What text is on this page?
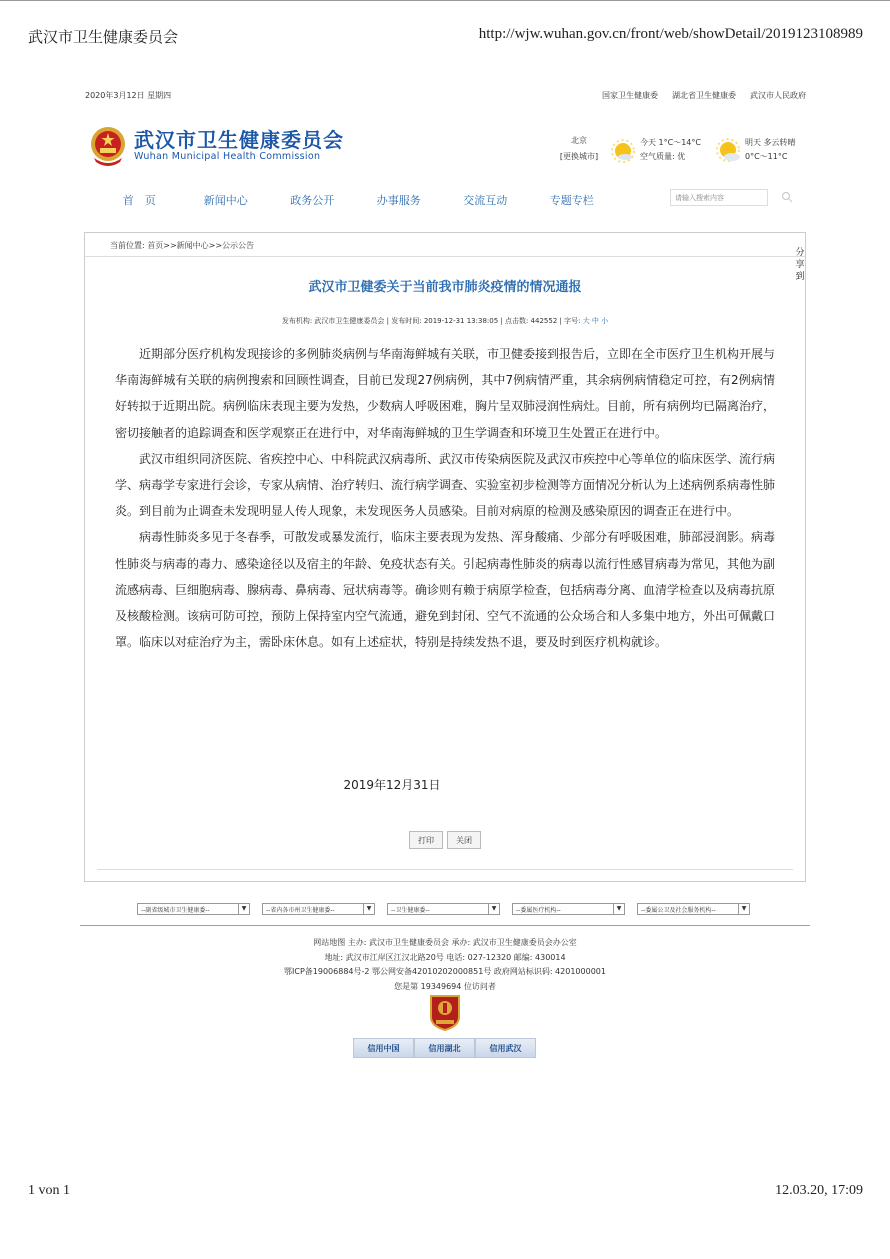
武汉市卫生健康委员会	http://wjw.wuhan.gov.cn/front/web/showDetail/2019123108989
2020年3月12日 星期四	国家卫生健康委 湖北省卫生健康委 武汉市人民政府
武汉市卫生健康委员会
Wuhan Municipal Health Commission
北京
[更换城市]
今天 1°C～14°C
空气质量: 优
明天 多云转晴
0°C～11°C
首　页	新闻中心	政务公开	办事服务	交流互动	专题专栏	请输入搜索内容
当前位置: 首页>>新闻中心>>公示公告
分享到
武汉市卫健委关于当前我市肺炎疫情的情况通报
发布机构: 武汉市卫生健康委员会 | 发布时间: 2019-12-31 13:38:05 | 点击数: 442552 | 字号: 大 中 小

近期部分医疗机构发现接诊的多例肺炎病例与华南海鲜城有关联，市卫健委接到报告后，立即在全市医疗卫生机构开展与华南海鲜城有关联的病例搜索和回顾性调查，目前已发现27例病例，其中7例病情严重，其余病例病情稳定可控，有2例病情好转拟于近期出院。病例临床表现主要为发热，少数病人呼吸困难，胸片呈双肺浸润性病灶。目前，所有病例均已隔离治疗，密切接触者的追踪调查和医学观察正在进行中，对华南海鲜城的卫生学调查和环境卫生处置正在进行中。

武汉市组织同济医院、省疾控中心、中科院武汉病毒所、武汉市传染病医院及武汉市疾控中心等单位的临床医学、流行病学、病毒学专家进行会诊，专家从病情、治疗转归、流行病学调查、实验室初步检测等方面情况分析认为上述病例系病毒性肺炎。到目前为止调查未发现明显人传人现象，未发现医务人员感染。目前对病原的检测及感染原因的调查正在进行中。

病毒性肺炎多见于冬春季，可散发或暴发流行，临床主要表现为发热、浑身酸痛、少部分有呼吸困难，肺部浸润影。病毒性肺炎与病毒的毒力、感染途径以及宿主的年龄、免疫状态有关。引起病毒性肺炎的病毒以流行性感冒病毒为常见，其他为副流感病毒、巨细胞病毒、腺病毒、鼻病毒、冠状病毒等。确诊则有赖于病原学检查，包括病毒分离、血清学检查以及病毒抗原及核酸检测。该病可防可控，预防上保持室内空气流通，避免到封闭、空气不流通的公众场合和人多集中地方，外出可佩戴口罩。临床以对症治疗为主，需卧床休息。如有上述症状，特别是持续发热不退，要及时到医疗机构就诊。

2019年12月31日
打印	关闭
--副省级城市卫生健康委--	▼	--省内各市州卫生健康委--	▼	--卫生健康委--	▼	--委属医疗机构--	▼	--委属公卫及社会服务机构--	▼
网站地图 主办: 武汉市卫生健康委员会 承办: 武汉市卫生健康委员会办公室
地址: 武汉市江岸区江汉北路20号 电话: 027-12320 邮编: 430014
鄂ICP备19006884号-2 鄂公网安备42010202000851号 政府网站标识码: 4201000001
您是第 19349694 位访问者
信用中国	信用湖北	信用武汉
1 von 1	12.03.20, 17:09
